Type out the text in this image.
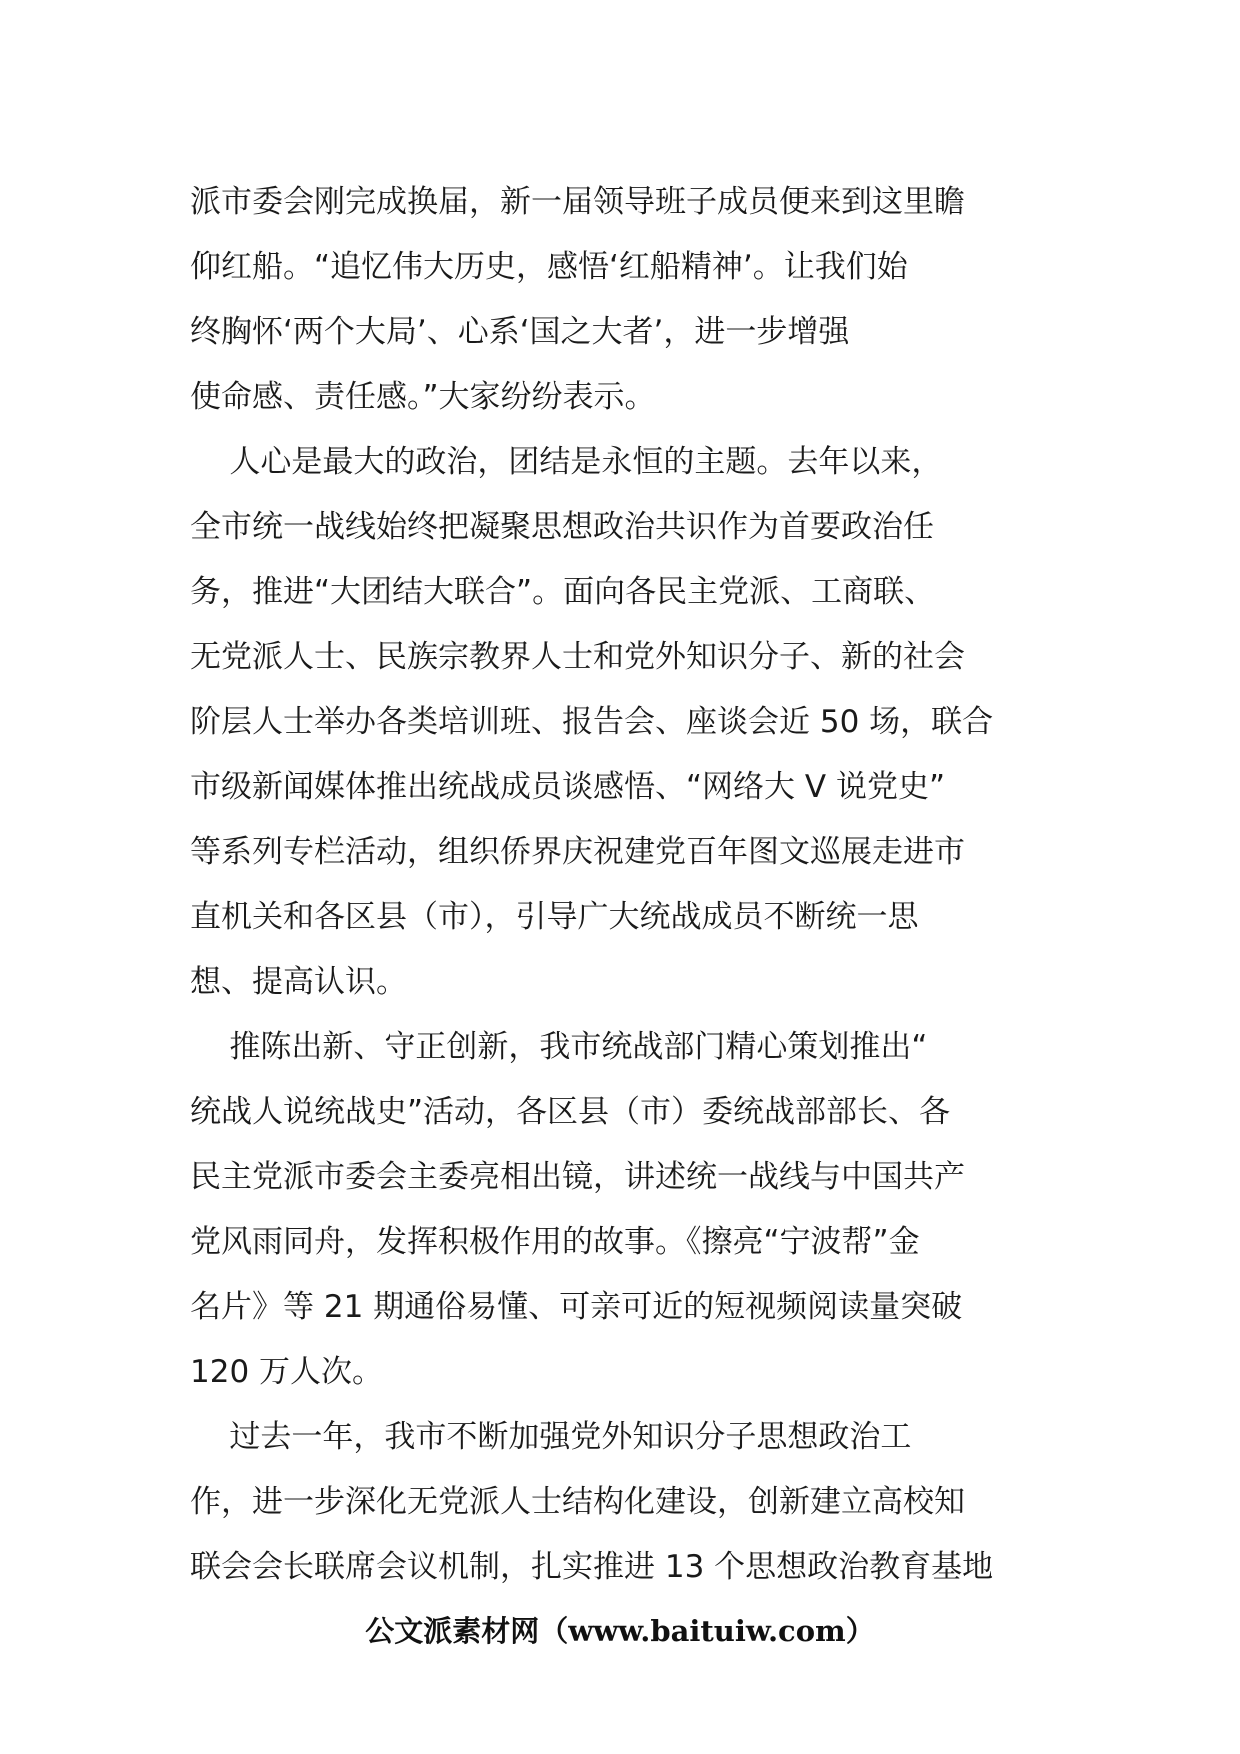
派市委会刚完成换届，新一届领导班子成员便来到这里瞻
仰红船。“追忆伟大历史，感悟‘红船精神’。让我们始
终胸怀‘两个大局’、心系‘国之大者’，进一步增强
使命感、责任感。”大家纷纷表示。
人心是最大的政治，团结是永恒的主题。去年以来，
全市统一战线始终把凝聚思想政治共识作为首要政治任
务，推进“大团结大联合”。面向各民主党派、工商联、
无党派人士、民族宗教界人士和党外知识分子、新的社会
阶层人士举办各类培训班、报告会、座谈会近 50 场，联合
市级新闻媒体推出统战成员谈感悟、“网络大 V 说党史”
等系列专栏活动，组织侨界庆祝建党百年图文巡展走进市
直机关和各区县（市），引导广大统战成员不断统一思
想、提高认识。
推陈出新、守正创新，我市统战部门精心策划推出“
统战人说统战史”活动，各区县（市）委统战部部长、各
民主党派市委会主委亮相出镜，讲述统一战线与中国共产
党风雨同舟，发挥积极作用的故事。《擦亮“宁波帮”金
名片》等 21 期通俗易懂、可亲可近的短视频阅读量突破
120 万人次。
过去一年，我市不断加强党外知识分子思想政治工
作，进一步深化无党派人士结构化建设，创新建立高校知
联会会长联席会议机制，扎实推进 13 个思想政治教育基地
公文派素材网（www.baituiw.com）
